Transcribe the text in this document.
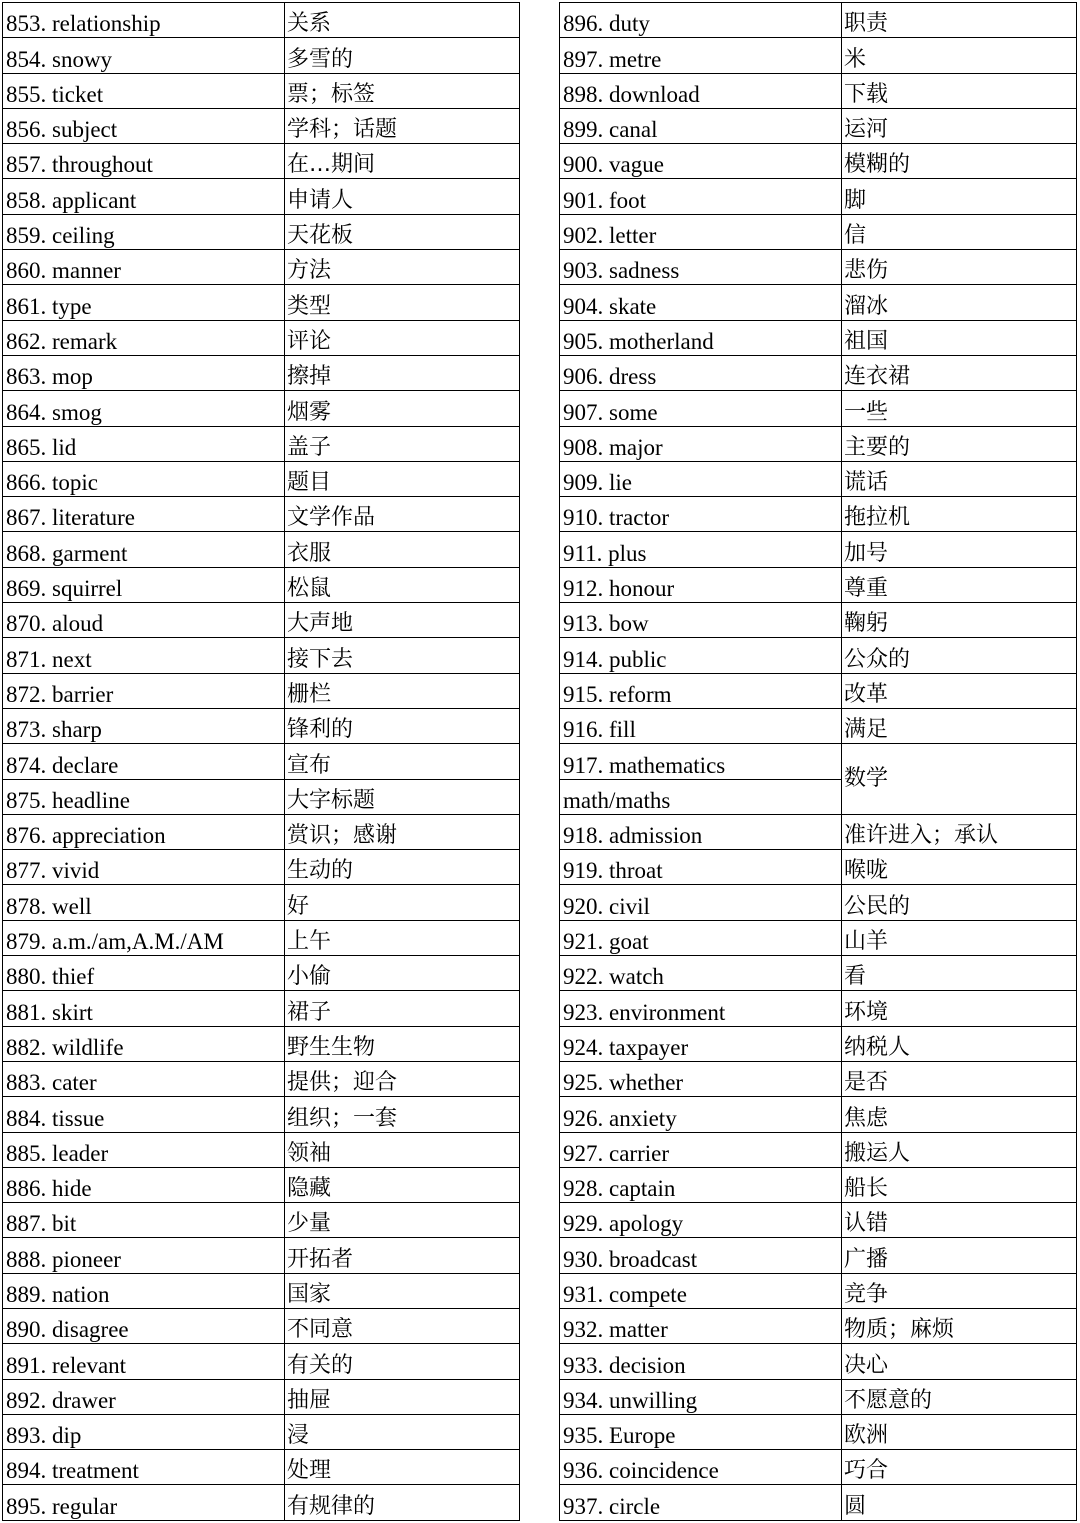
853. relationship	关系
854. snowy	多雪的
855. ticket	票；标签
856. subject	学科；话题
857. throughout	在…期间
858. applicant	申请人
859. ceiling	天花板
860. manner	方法
861. type	类型
862. remark	评论
863. mop	擦掉
864. smog	烟雾
865. lid	盖子
866. topic	题目
867. literature	文学作品
868. garment	衣服
869. squirrel	松鼠
870. aloud	大声地
871. next	接下去
872. barrier	栅栏
873. sharp	锋利的
874. declare	宣布
875. headline	大字标题
876. appreciation	赏识；感谢
877. vivid	生动的
878. well	好
879. a.m./am,A.M./AM	上午
880. thief	小偷
881. skirt	裙子
882. wildlife	野生生物
883. cater	提供；迎合
884. tissue	组织；一套
885. leader	领袖
886. hide	隐藏
887. bit	少量
888. pioneer	开拓者
889. nation	国家
890. disagree	不同意
891. relevant	有关的
892. drawer	抽屉
893. dip	浸
894. treatment	处理
895. regular	有规律的
896. duty	职责
897. metre	米
898. download	下载
899. canal	运河
900. vague	模糊的
901. foot	脚
902. letter	信
903. sadness	悲伤
904. skate	溜冰
905. motherland	祖国
906. dress	连衣裙
907. some	一些
908. major	主要的
909. lie	谎话
910. tractor	拖拉机
911. plus	加号
912. honour	尊重
913. bow	鞠躬
914. public	公众的
915. reform	改革
916. fill	满足
917. mathematics	数学
math/maths	
918. admission	准许进入；承认
919. throat	喉咙
920. civil	公民的
921. goat	山羊
922. watch	看
923. environment	环境
924. taxpayer	纳税人
925. whether	是否
926. anxiety	焦虑
927. carrier	搬运人
928. captain	船长
929. apology	认错
930. broadcast	广播
931. compete	竞争
932. matter	物质；麻烦
933. decision	决心
934. unwilling	不愿意的
935. Europe	欧洲
936. coincidence	巧合
937. circle	圆
